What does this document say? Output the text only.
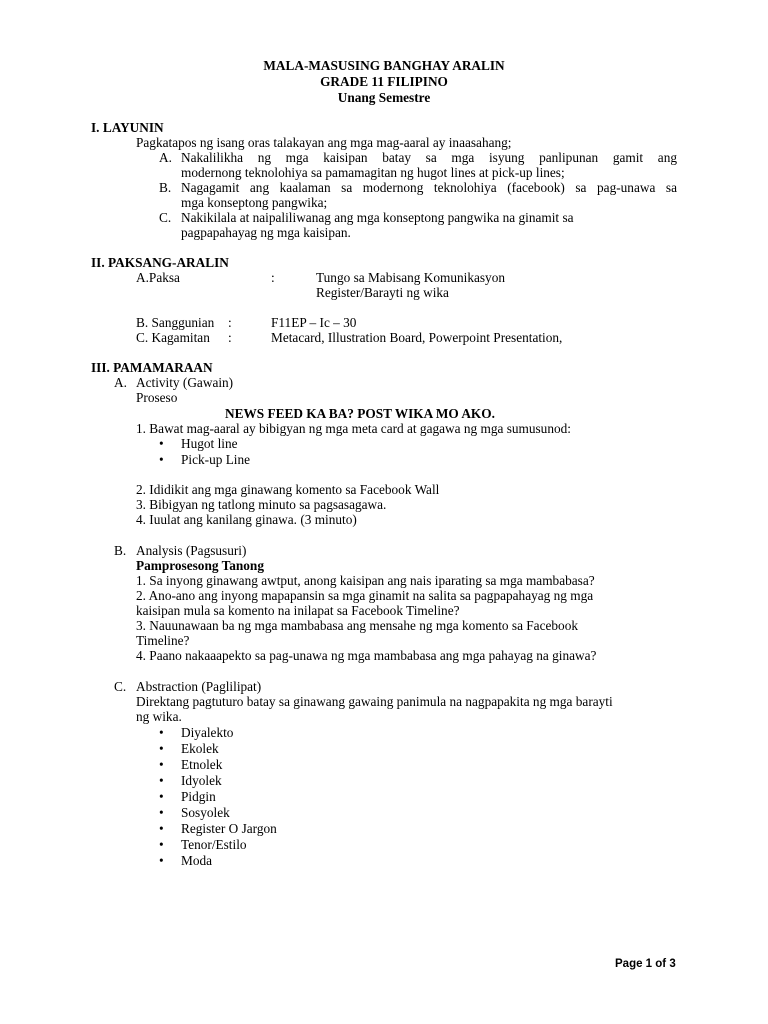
MALA-MASUSING BANGHAY ARALIN
GRADE 11 FILIPINO
Unang Semestre
I. LAYUNIN
Pagkatapos ng isang oras talakayan ang mga mag-aaral ay inaasahang;
A. Nakalilikha ng mga kaisipan batay sa mga isyung panlipunan gamit ang
modernong teknolohiya sa pamamagitan ng hugot lines at pick-up lines;
B. Nagagamit ang kaalaman sa modernong teknolohiya (facebook) sa pag-unawa sa
mga konseptong pangwika;
C. Nakikilala at naipaliliwanag ang mga konseptong pangwika na ginamit sa
pagpapahayag ng mga kaisipan.
II. PAKSANG-ARALIN
A.Paksa	:	Tungo sa Mabisang Komunikasyon
Register/Barayti ng wika
B. Sanggunian :	F11EP – Ic – 30
C. Kagamitan :	Metacard, Illustration Board, Powerpoint Presentation,
III. PAMAMARAAN
A. Activity (Gawain)
Proseso
NEWS FEED KA BA? POST WIKA MO AKO.
1. Bawat mag-aaral ay bibigyan ng mga meta card at gagawa ng mga sumusunod:
• Hugot line
• Pick-up Line
2. Ididikit ang mga ginawang komento sa Facebook Wall
3. Bibigyan ng tatlong minuto sa pagsasagawa.
4. Iuulat ang kanilang ginawa. (3 minuto)
B. Analysis (Pagsusuri)
Pamprosesong Tanong
1. Sa inyong ginawang awtput, anong kaisipan ang nais iparating sa mga mambabasa?
2. Ano-ano ang inyong mapapansin sa mga ginamit na salita sa pagpapahayag ng mga
kaisipan mula sa komento na inilapat sa Facebook Timeline?
3. Nauunawaan ba ng mga mambabasa ang mensahe ng mga komento sa Facebook
Timeline?
4. Paano nakaaapekto sa pag-unawa ng mga mambabasa ang mga pahayag na ginawa?
C. Abstraction (Paglilipat)
Direktang pagtuturo batay sa ginawang gawaing panimula na nagpapakita ng mga barayti
ng wika.
• Diyalekto
• Ekolek
• Etnolek
• Idyolek
• Pidgin
• Sosyolek
• Register O Jargon
• Tenor/Estilo
• Moda
Page 1 of 3
